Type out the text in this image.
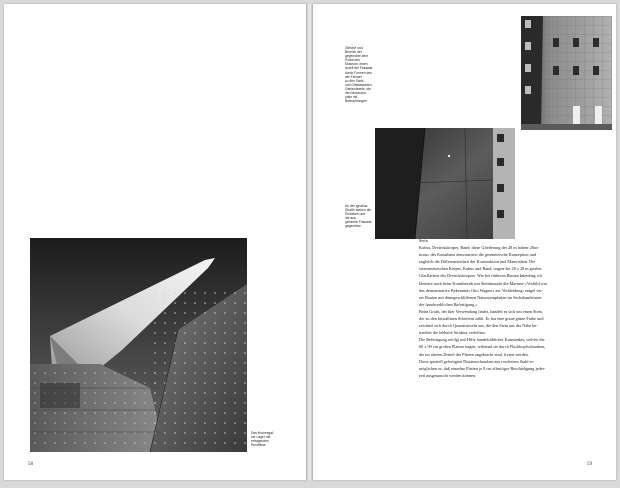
Das Hochregal-

ver Lager mit

ertragenden

Rundfluss

58

Gleiche und

Bereich der

gegenüber dem

Portal des

Museum, einen

Anteil der Fassade

durch Formen des

der Fenster

zu den Stahl-

und Glasfassaden

Gebäudeteile, die

den Museums-

platz mit

Beleuchtungen

An der Ignatius-

Straße stehen die

Einheiten und

die aus-

geformte Fassade

gegenüber

Stein

Kubus, Dreieckskörper, Band: diese Gliederung der 28 m hohen »Bas-

tions« des Kunstbaus demonstriert die geometrische Konzeption und

zugleich die Differenziertheit der Konstruktion und Materialien. Die

stereometrischen Körper, Kubus und Band, tragen die 28 x 28 m großen

Glasflächen des Dreieckskörpers. Wie bei früheren Bauten Inkenhag ich

kleinere auch beim Kunstbezirk mit Steinfassade die Marmor-«Vorbild war

das demonstrative Bekenntnis Otto Wagners zur Verkleidung: entgel ver-

ser Bauten mit dünngeschliffenen Natursteinplatten im Sechskantleisten

der handwerklichen Befestigung.«

Beim Grafit, der hier Verwendung findet, handelt es sich um einen Stein,

der zu den kristallinen Schiefern zählt. Er hat eine graue grüne Farbe und

zeichnet sich durch Quarzitrieseln aus, die den Stein aus der Nähe be-

trachtet die lebhafte Struktur verleihen.

Die Befestigung erfolgt mit Hilfe handelsüblicher Kunstanker, welche die

60 x 90 cm großen Platten tragen, während sie durch Flachkopfschrauben,

die im oberen Drittel der Platten angebracht sind, fixiert werden.

Diese speziell gefertigten Distanzschrauben aus rostfreiem Stahl er-

möglichen es, daß einzelne Platten je 8 cm allseitiger Beschädigung jeder-

zeit ausgetauscht werden können.

59
